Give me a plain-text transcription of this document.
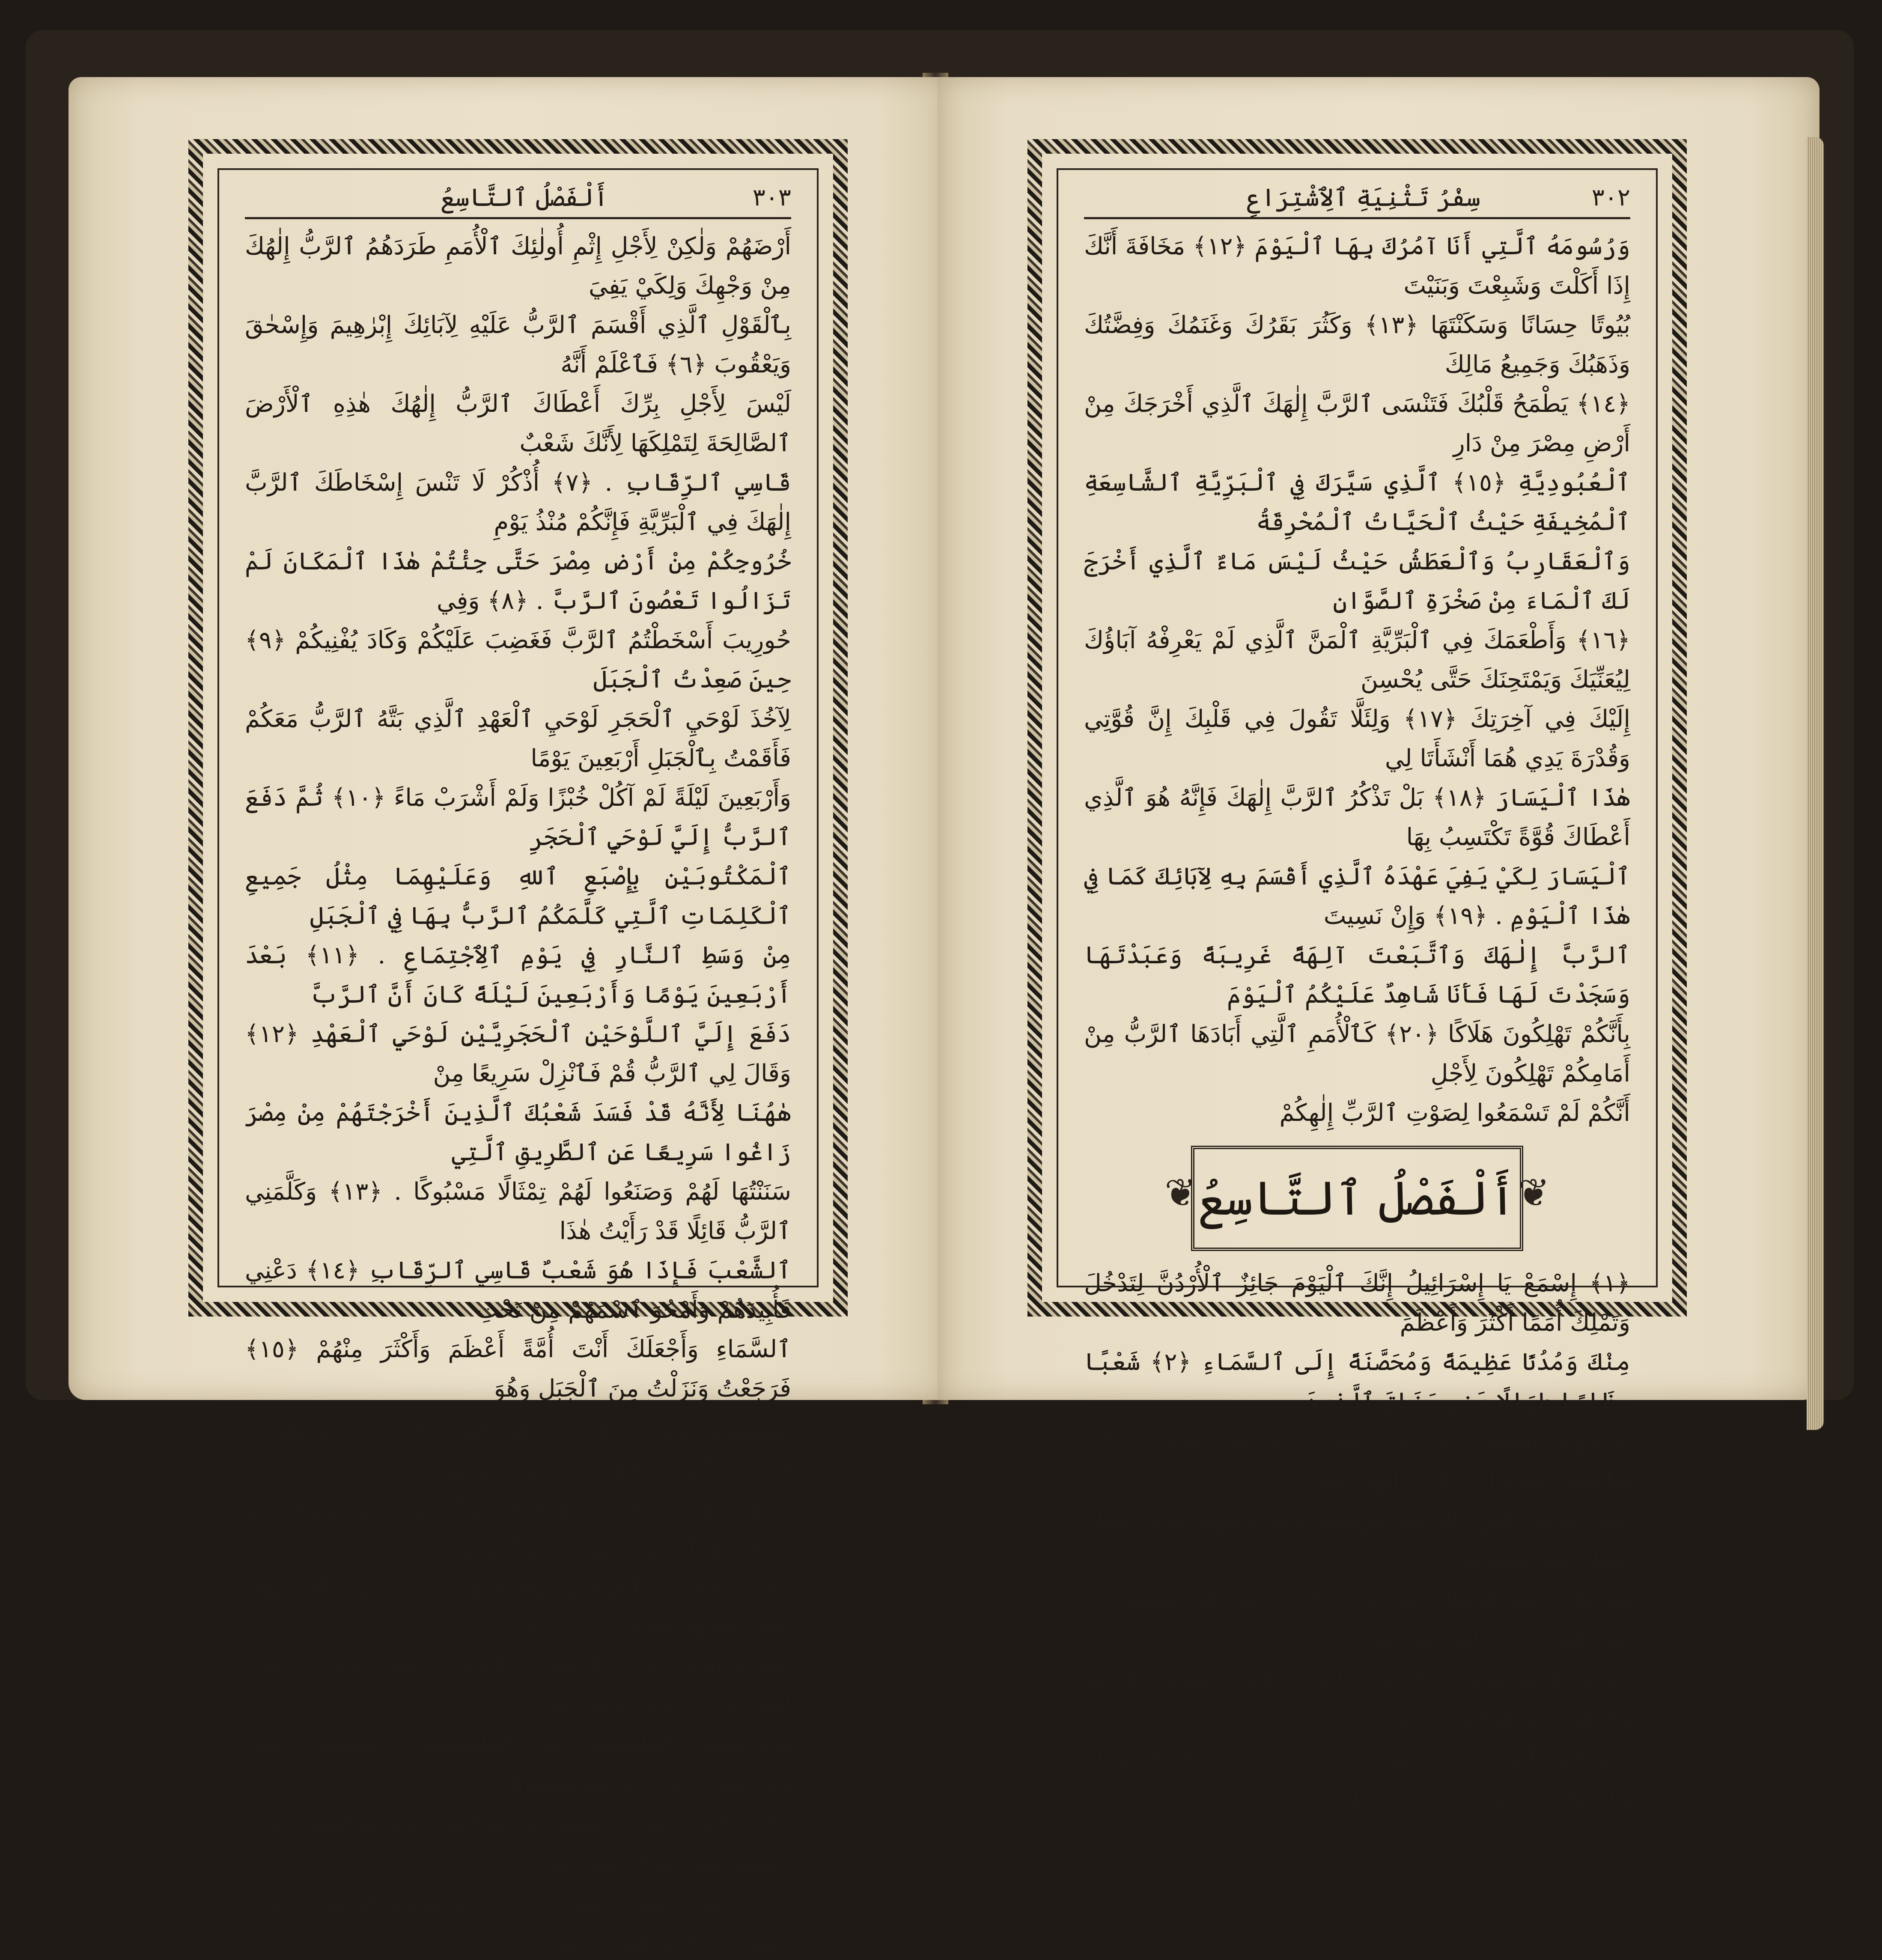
٣٠٣
أَلْفَصْلُ ٱلتَّاسِعُ

أَرْضَهُمْ وَلٰكِنْ لِأَجْلِ إِثْمِ أُولٰئِكَ ٱلْأُمَمِ طَرَدَهُمُ ٱلرَّبُّ إِلٰهُكَ مِنْ وَجْهِكَ وَلِكَيْ يَفِيَ

بِٱلْقَوْلِ ٱلَّذِي أَقْسَمَ ٱلرَّبُّ عَلَيْهِ لِآبَائِكَ إِبْرٰهِيمَ وَإِسْحٰقَ وَيَعْقُوبَ ﴿٦﴾ فَٱعْلَمْ أَنَّهُ

لَيْسَ لِأَجْلِ بِرِّكَ أَعْطَاكَ ٱلرَّبُّ إِلٰهُكَ هٰذِهِ ٱلْأَرْضَ ٱلصَّالِحَةَ لِتَمْلِكَهَا لِأَنَّكَ شَعْبٌ

قَاسِي ٱلرِّقَابِ . ﴿٧﴾ أُذْكُرْ لَا تَنْسَ إِسْخَاطَكَ ٱلرَّبَّ إِلٰهَكَ فِي ٱلْبَرِّيَّةِ فَإِنَّكُمْ مُنْذُ يَوْمِ

خُرُوجِكُمْ مِنْ أَرْضِ مِصْرَ حَتَّى جِئْتُمْ هٰذَا ٱلْمَكَانَ لَمْ تَزَالُوا تَعْصُونَ ٱلرَّبَّ . ﴿٨﴾ وَفِي

حُورِيبَ أَسْخَطْتُمُ ٱلرَّبَّ فَغَضِبَ عَلَيْكُمْ وَكَادَ يُفْنِيكُمْ ﴿٩﴾ حِينَ صَعِدْتُ ٱلْجَبَلَ

لِآخُذَ لَوْحَيِ ٱلْحَجَرِ لَوْحَيِ ٱلْعَهْدِ ٱلَّذِي بَتَّهُ ٱلرَّبُّ مَعَكُمْ فَأَقَمْتُ بِٱلْجَبَلِ أَرْبَعِينَ يَوْمًا

وَأَرْبَعِينَ لَيْلَةً لَمْ آكُلْ خُبْزًا وَلَمْ أَشْرَبْ مَاءً ﴿١٠﴾ ثُمَّ دَفَعَ ٱلرَّبُّ إِلَيَّ لَوْحَيِ ٱلْحَجَرِ

ٱلْمَكْتُوبَيْنِ بِإِصْبَعِ ٱللهِ وَعَلَيْهِمَا مِثْلُ جَمِيعِ ٱلْكَلِمَاتِ ٱلَّتِي كَلَّمَكُمُ ٱلرَّبُّ بِهَا فِي ٱلْجَبَلِ

مِنْ وَسَطِ ٱلنَّارِ فِي يَوْمِ ٱلِٱجْتِمَاعِ . ﴿١١﴾ بَعْدَ أَرْبَعِينَ يَوْمًا وَأَرْبَعِينَ لَيْلَةً كَانَ أَنَّ ٱلرَّبَّ

دَفَعَ إِلَيَّ ٱللَّوْحَيْنِ ٱلْحَجَرِيَّيْنِ لَوْحَيِ ٱلْعَهْدِ ﴿١٢﴾ وَقَالَ لِي ٱلرَّبُّ قُمْ فَٱنْزِلْ سَرِيعًا مِنْ

هٰهُنَا لِأَنَّهُ قَدْ فَسَدَ شَعْبُكَ ٱلَّذِينَ أَخْرَجْتَهُمْ مِنْ مِصْرَ زَاغُوا سَرِيعًا عَنِ ٱلطَّرِيقِ ٱلَّتِي

سَنَنْتُهَا لَهُمْ وَصَنَعُوا لَهُمْ تِمْثَالًا مَسْبُوكًا . ﴿١٣﴾ وَكَلَّمَنِي ٱلرَّبُّ قَائِلًا قَدْ رَأَيْتُ هٰذَا

ٱلشَّعْبَ فَإِذَا هُوَ شَعْبٌ قَاسِي ٱلرِّقَابِ ﴿١٤﴾ دَعْنِي فَأُبِيدَهُمْ وَأَمْحُوَ ٱسْمَهُمْ مِنْ تَحْتِ

ٱلسَّمَاءِ وَأَجْعَلَكَ أَنْتَ أُمَّةً أَعْظَمَ وَأَكْثَرَ مِنْهُمْ ﴿١٥﴾ فَرَجَعْتُ وَنَزَلْتُ مِنَ ٱلْجَبَلِ وَهُوَ

مُضْطَرِمٌ بِٱلنَّارِ وَلَوْحَا ٱلْعَهْدِ فِي يَدَيَّ ﴿١٦﴾ وَنَظَرْتُ فَإِذَا بِكُمْ قَدْ خَطِئْتُمْ إِلَى ٱلرَّبِّ

إِلٰهِكُمْ وَصَنَعْتُمْ لَكُمْ عِجْلًا مَسْبُوكًا وَزِغْتُمْ سَرِيعًا عَنِ ٱلطَّرِيقِ ٱلَّتِي سَنَّهَا لَكُمُ ٱلرَّبُّ .

﴿١٧﴾ فَأَخَذْتُ ٱللَّوْحَيْنِ وَطَرَحْتُهُمَا مِنْ يَدَيَّ وَكَسَّرْتُهُمَا عَلَى مَشْهَدٍ مِنْكُمْ . ﴿١٨﴾ ثُمَّ

جَثَوْتُ أَمَامَ ٱلرَّبِّ كَٱلْمَرَّةِ ٱلْأُولَى أَرْبَعِينَ يَوْمًا وَأَرْبَعِينَ لَيْلَةً لَمْ آكُلْ خُبْزًا وَلَمْ أَشْرَبْ

مَاءً بِسَبَبِ خَطِيئَتِكُمُ ٱلَّتِي خَطِئْتُمُوهَا إِذْ صَنَعْتُمُ ٱلشَّرَّ فِي عَيْنَيِ ٱلرَّبِّ وَأَسْخَطْتُمُوهُ

﴿١٩﴾ لِأَنِّي خِفْتُ ٱلْغَضَبَ وَٱلسُّخْطَ ٱلَّذِي سَخِطَهُ ٱلرَّبُّ عَلَيْكُمْ لِيُبِيدَكُمْ فَٱسْتَجَابَنِي

ٱلرَّبُّ هٰذِهِ ٱلْمَرَّةَ أَيْضًا . ﴿٢٠﴾ وَأَمَّا هٰرُونُ فَغَضِبَ ٱلرَّبُّ عَلَيْهِ جِدًّا حَتَّى هَمَّ أَنْ يُبِيدَهُ

٣٠٢
سِفْرُ تَثْنِيَةِ ٱلِٱشْتِرَاعِ

وَرُسُومَهُ ٱلَّتِي أَنَا آمُرُكَ بِهَا ٱلْيَوْمَ ﴿١٢﴾ مَخَافَةَ أَنَّكَ إِذَا أَكَلْتَ وَشَبِعْتَ وَبَنَيْتَ

بُيُوتًا حِسَانًا وَسَكَنْتَهَا ﴿١٣﴾ وَكَثُرَ بَقَرُكَ وَغَنَمُكَ وَفِضَّتُكَ وَذَهَبُكَ وَجَمِيعُ مَالِكَ

﴿١٤﴾ يَطْمَحُ قَلْبُكَ فَتَنْسَى ٱلرَّبَّ إِلٰهَكَ ٱلَّذِي أَخْرَجَكَ مِنْ أَرْضِ مِصْرَ مِنْ دَارِ

ٱلْعُبُودِيَّةِ ﴿١٥﴾ ٱلَّذِي سَيَّرَكَ فِي ٱلْبَرِّيَّةِ ٱلشَّاسِعَةِ ٱلْمُخِيفَةِ حَيْثُ ٱلْحَيَّاتُ ٱلْمُحْرِقَةُ

وَٱلْعَقَارِبُ وَٱلْعَطَشُ حَيْثُ لَيْسَ مَاءٌ ٱلَّذِي أَخْرَجَ لَكَ ٱلْمَاءَ مِنْ صَخْرَةِ ٱلصَّوَّانِ

﴿١٦﴾ وَأَطْعَمَكَ فِي ٱلْبَرِّيَّةِ ٱلْمَنَّ ٱلَّذِي لَمْ يَعْرِفْهُ آبَاؤُكَ لِيُعَنِّيَكَ وَيَمْتَحِنَكَ حَتَّى يُحْسِنَ

إِلَيْكَ فِي آخِرَتِكَ ﴿١٧﴾ وَلِئَلَّا تَقُولَ فِي قَلْبِكَ إِنَّ قُوَّتِي وَقُدْرَةَ يَدِي هُمَا أَنْشَأَتَا لِي

هٰذَا ٱلْيَسَارَ ﴿١٨﴾ بَلْ تَذْكُرُ ٱلرَّبَّ إِلٰهَكَ فَإِنَّهُ هُوَ ٱلَّذِي أَعْطَاكَ قُوَّةً تَكْتَسِبُ بِهَا

ٱلْيَسَارَ لِكَيْ يَفِيَ عَهْدَهُ ٱلَّذِي أَقْسَمَ بِهِ لِآبَائِكَ كَمَا فِي هٰذَا ٱلْيَوْمِ . ﴿١٩﴾ وَإِنْ نَسِيتَ

ٱلرَّبَّ إِلٰهَكَ وَٱتَّبَعْتَ آلِهَةً غَرِيبَةً وَعَبَدْتَهَا وَسَجَدْتَ لَهَا فَأَنَا شَاهِدٌ عَلَيْكُمُ ٱلْيَوْمَ

بِأَنَّكُمْ تَهْلِكُونَ هَلَاكًا ﴿٢٠﴾ كَٱلْأُمَمِ ٱلَّتِي أَبَادَهَا ٱلرَّبُّ مِنْ أَمَامِكُمْ تَهْلِكُونَ لِأَجْلِ

أَنَّكُمْ لَمْ تَسْمَعُوا لِصَوْتِ ٱلرَّبِّ إِلٰهِكُمْ

❦ أَلْفَصْلُ ٱلتَّاسِعُ
❦

﴿١﴾ إِسْمَعْ يَا إِسْرَائِيلُ إِنَّكَ ٱلْيَوْمَ جَائِزٌ ٱلْأُرْدُنَّ لِتَدْخُلَ وَتَمْلِكَ أُمَمًا أَكْثَرَ وَأَعْظَمَ

مِنْكَ وَمُدُنًا عَظِيمَةً وَمُحَصَّنَةً إِلَى ٱلسَّمَاءِ ﴿٢﴾ شَعْبًا عِظَامًا طِوَالًا بَنِي عَنَاقَ ٱلَّذِينَ

عَرَفْتَهُمْ وَسَمِعْتَ أَنْ مَنْ يَقِفُ أَمَامَ بَنِي عَنَاقَ . ﴿٣﴾ فَٱعْلَمِ ٱلْيَوْمَ أَنَّ ٱلرَّبَّ إِلٰهَكَ هُوَ

يَعْبُرُ أَمَامَكَ كَنَارٍ آكِلَةٍ هُوَ يَقْرِضُهُمْ وَهُوَ يُذَلِّلُهُمْ أَمَامَ وَجْهِكَ فَتَطْرُدُهُمْ وَتُبِيدُهُمْ

سَرِيعًا كَمَا كَلَّمَكَ ٱلرَّبُّ . ﴿٤﴾ لَا تَقُلْ فِي نَفْسِكَ إِذَا طَرَدَهُمُ ٱلرَّبُّ إِلٰهُكَ مِنْ بَيْنِ

يَدَيْكَ لِأَجْلِ بِرِّي أَدْخَلَنِي ٱلرَّبُّ لِأَمْلِكَ هٰذِهِ ٱلْأَرْضَ وَلِأَجْلِ إِثْمِ هٰؤُلَاءِ ٱلْأُمَمِ

طَرَدَهُمُ ٱلرَّبُّ مِنْ بَيْنِ يَدَيْكَ . ﴿٥﴾ إِنَّهُ لَا بِبِرِّكَ وَٱسْتِقَامَةِ قَلْبِكَ أَنْتَ آتٍ لِتَمْلِكَ
